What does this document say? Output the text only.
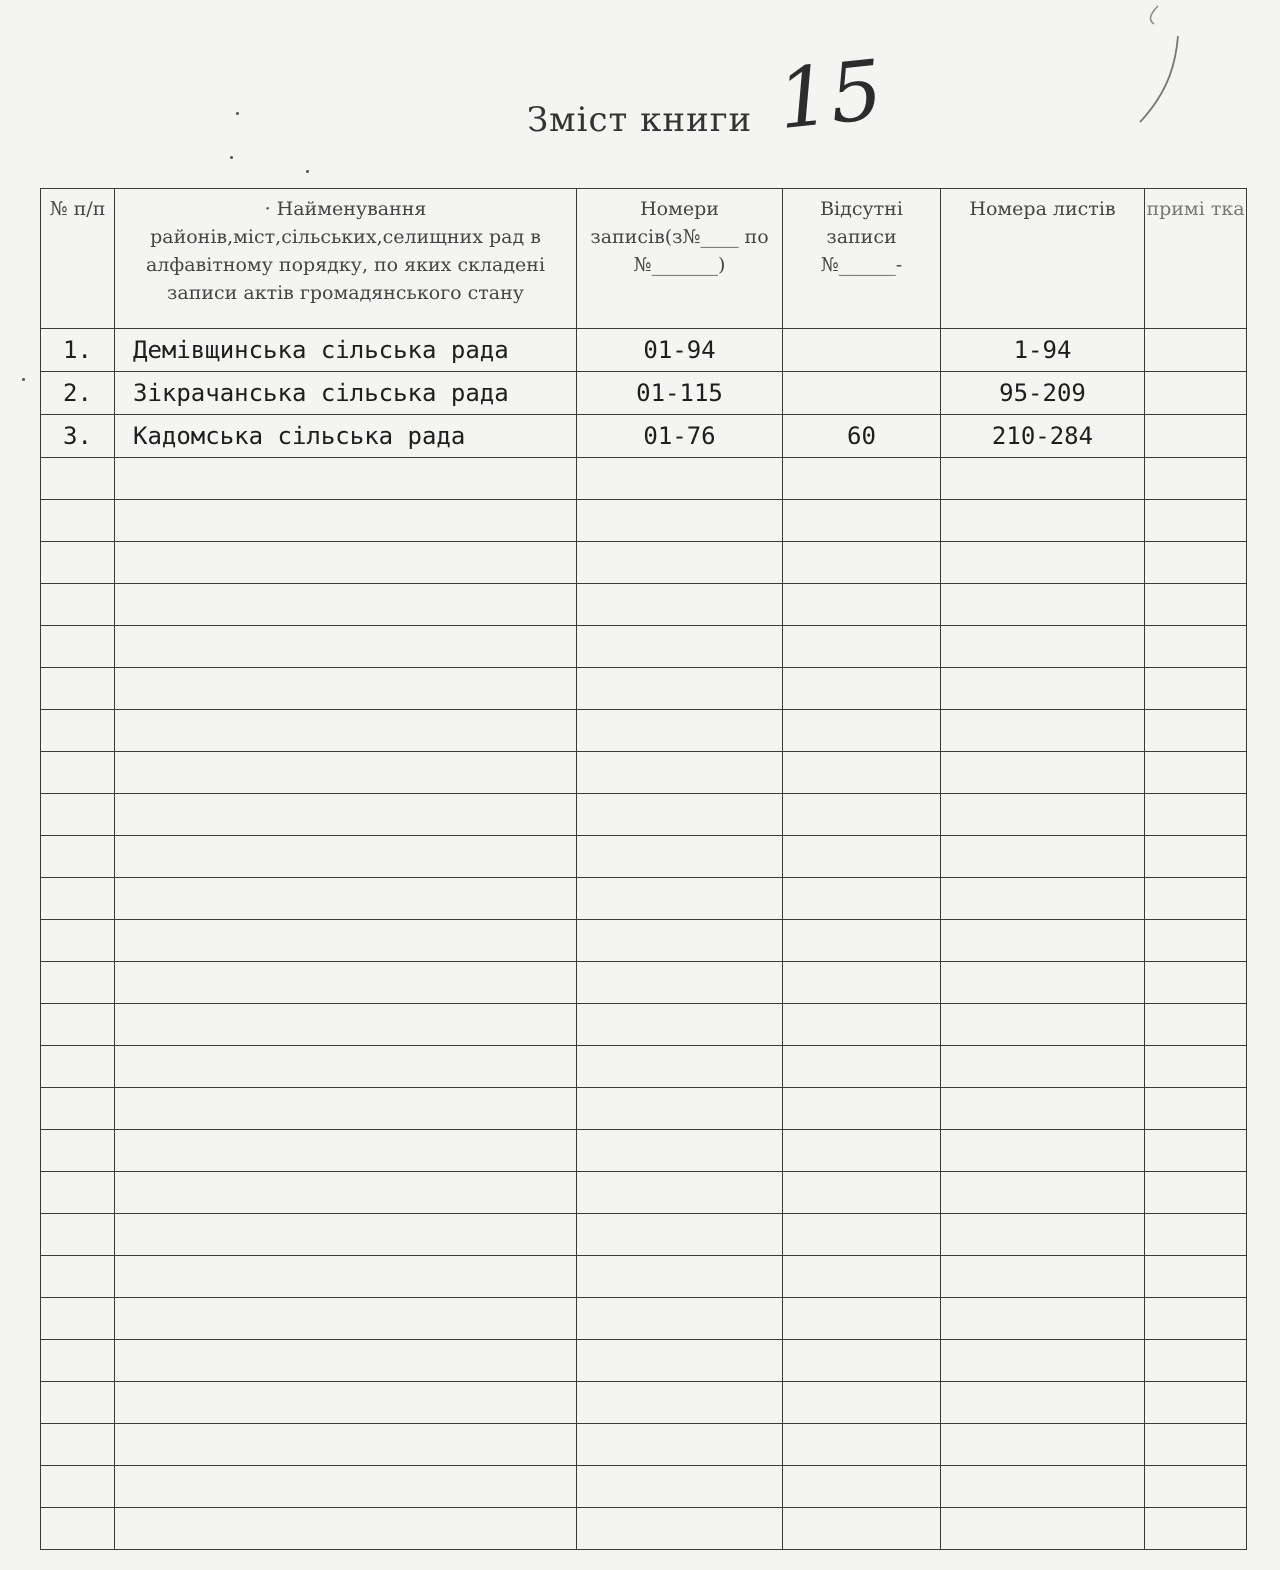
Зміст книги 15
№ п/п	· Найменування районів,міст,сільських,селищних рад в алфавітному порядку, по яких складені записи актів громадянського стану	Номери записів(з№____ по №_______)	Відсутні записи №______-	Номера листів	примі тка
1.	Демівщинська сільська рада	01-94		1-94	
2.	Зікрачанська сільська рада	01-115		95-209	
3.	Кадомська сільська рада	01-76	60	210-284	
